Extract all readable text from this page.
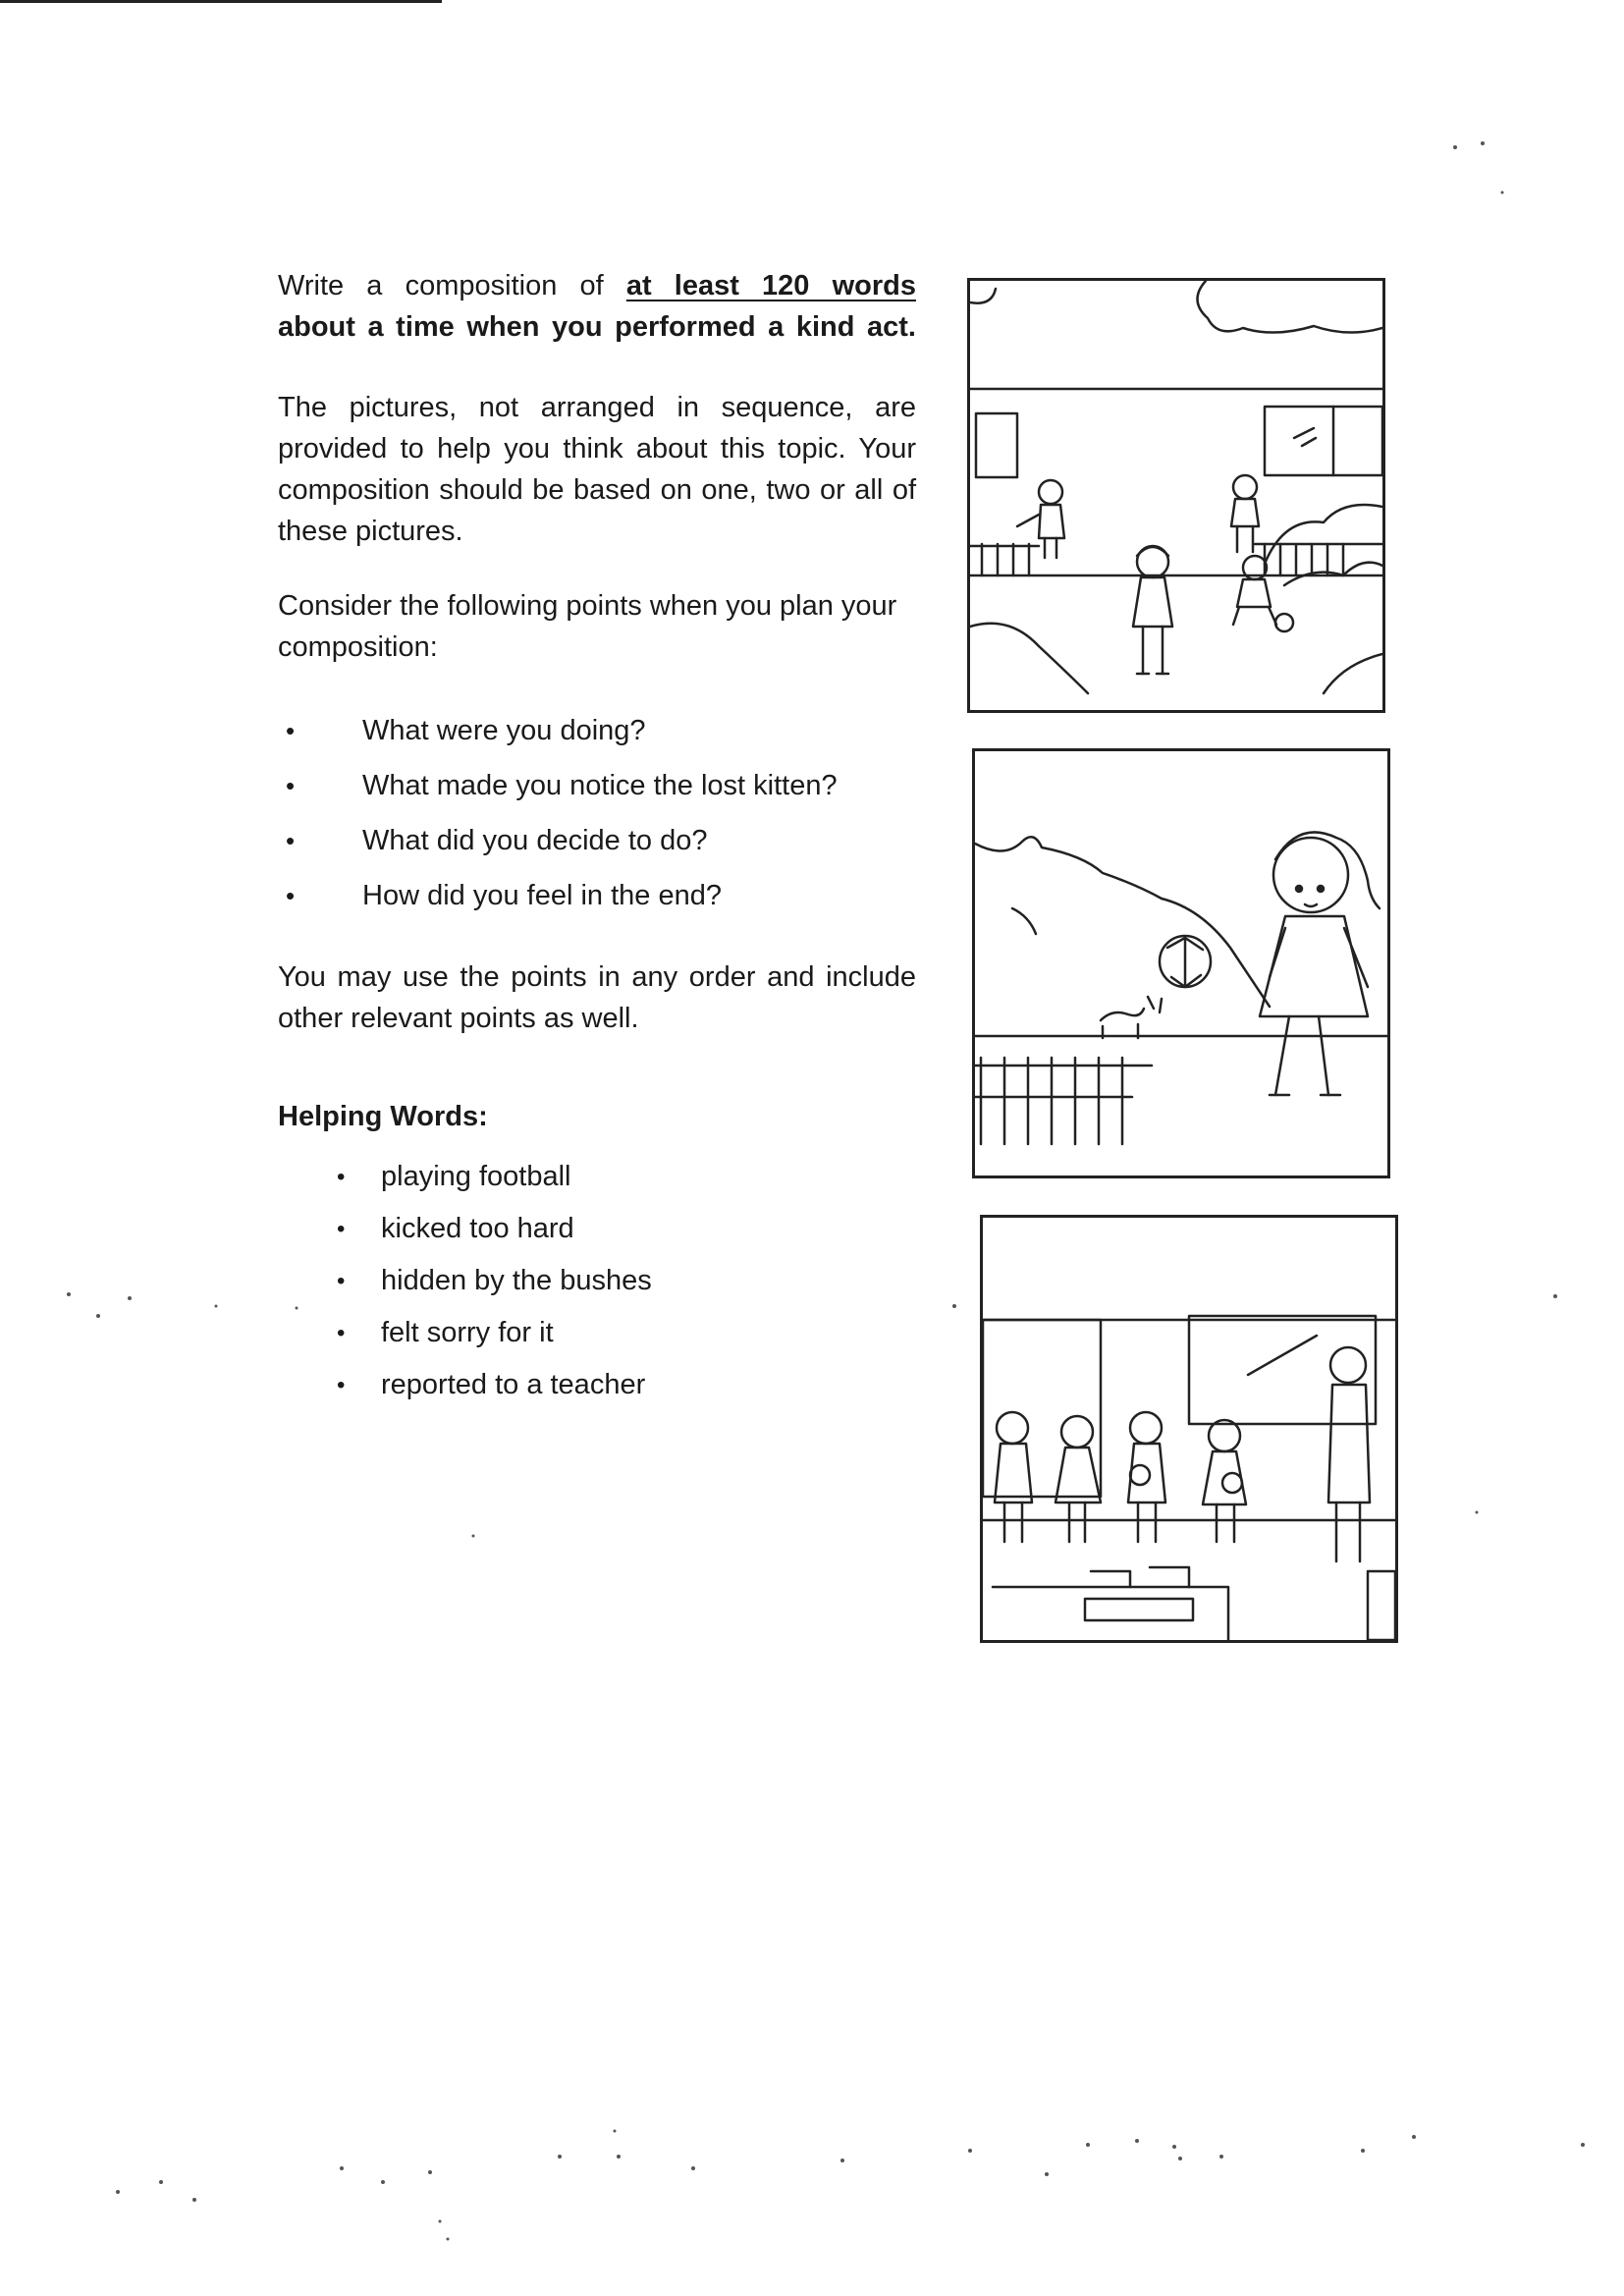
Write a composition of at least 120 words
about a time when you performed a kind act.

The pictures, not arranged in sequence, are provided to help you think about this topic. Your composition should be based on one, two or all of these pictures.

Consider the following points when you plan your composition:

• What were you doing?
• What made you notice the lost kitten?
• What did you decide to do?
• How did you feel in the end?

You may use the points in any order and include other relevant points as well.

Helping Words:

• playing football
• kicked too hard
• hidden by the bushes
• felt sorry for it
• reported to a teacher
